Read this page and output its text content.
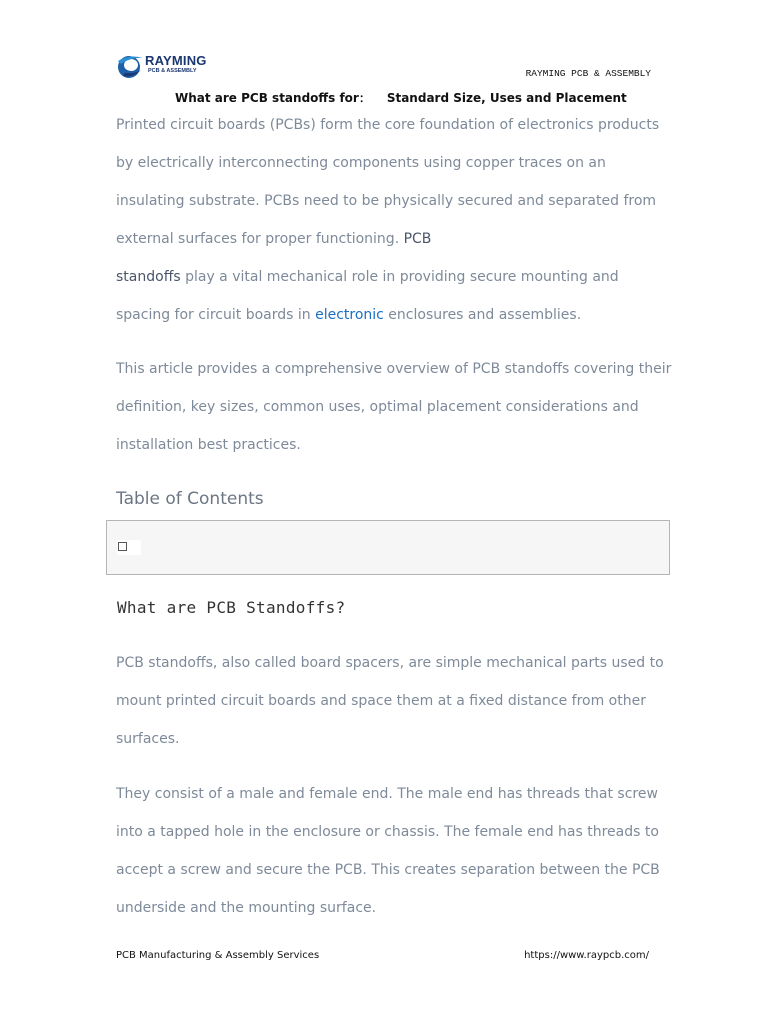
RAYMING
PCB & ASSEMBLY	RAYMING PCB & ASSEMBLY
What are PCB standoffs for： Standard Size, Uses and Placement

Printed circuit boards (PCBs) form the core foundation of electronics products by electrically interconnecting components using copper traces on an insulating substrate. PCBs need to be physically secured and separated from external surfaces for proper functioning. PCB
standoffs play a vital mechanical role in providing secure mounting and spacing for circuit boards in electronic enclosures and assemblies.

This article provides a comprehensive overview of PCB standoffs covering their definition, key sizes, common uses, optimal placement considerations and installation best practices.

Table of Contents
What are PCB Standoffs?

PCB standoffs, also called board spacers, are simple mechanical parts used to mount printed circuit boards and space them at a fixed distance from other surfaces.

They consist of a male and female end. The male end has threads that screw into a tapped hole in the enclosure or chassis. The female end has threads to accept a screw and secure the PCB. This creates separation between the PCB underside and the mounting surface.

PCB Manufacturing & Assembly Services	https://www.raypcb.com/
